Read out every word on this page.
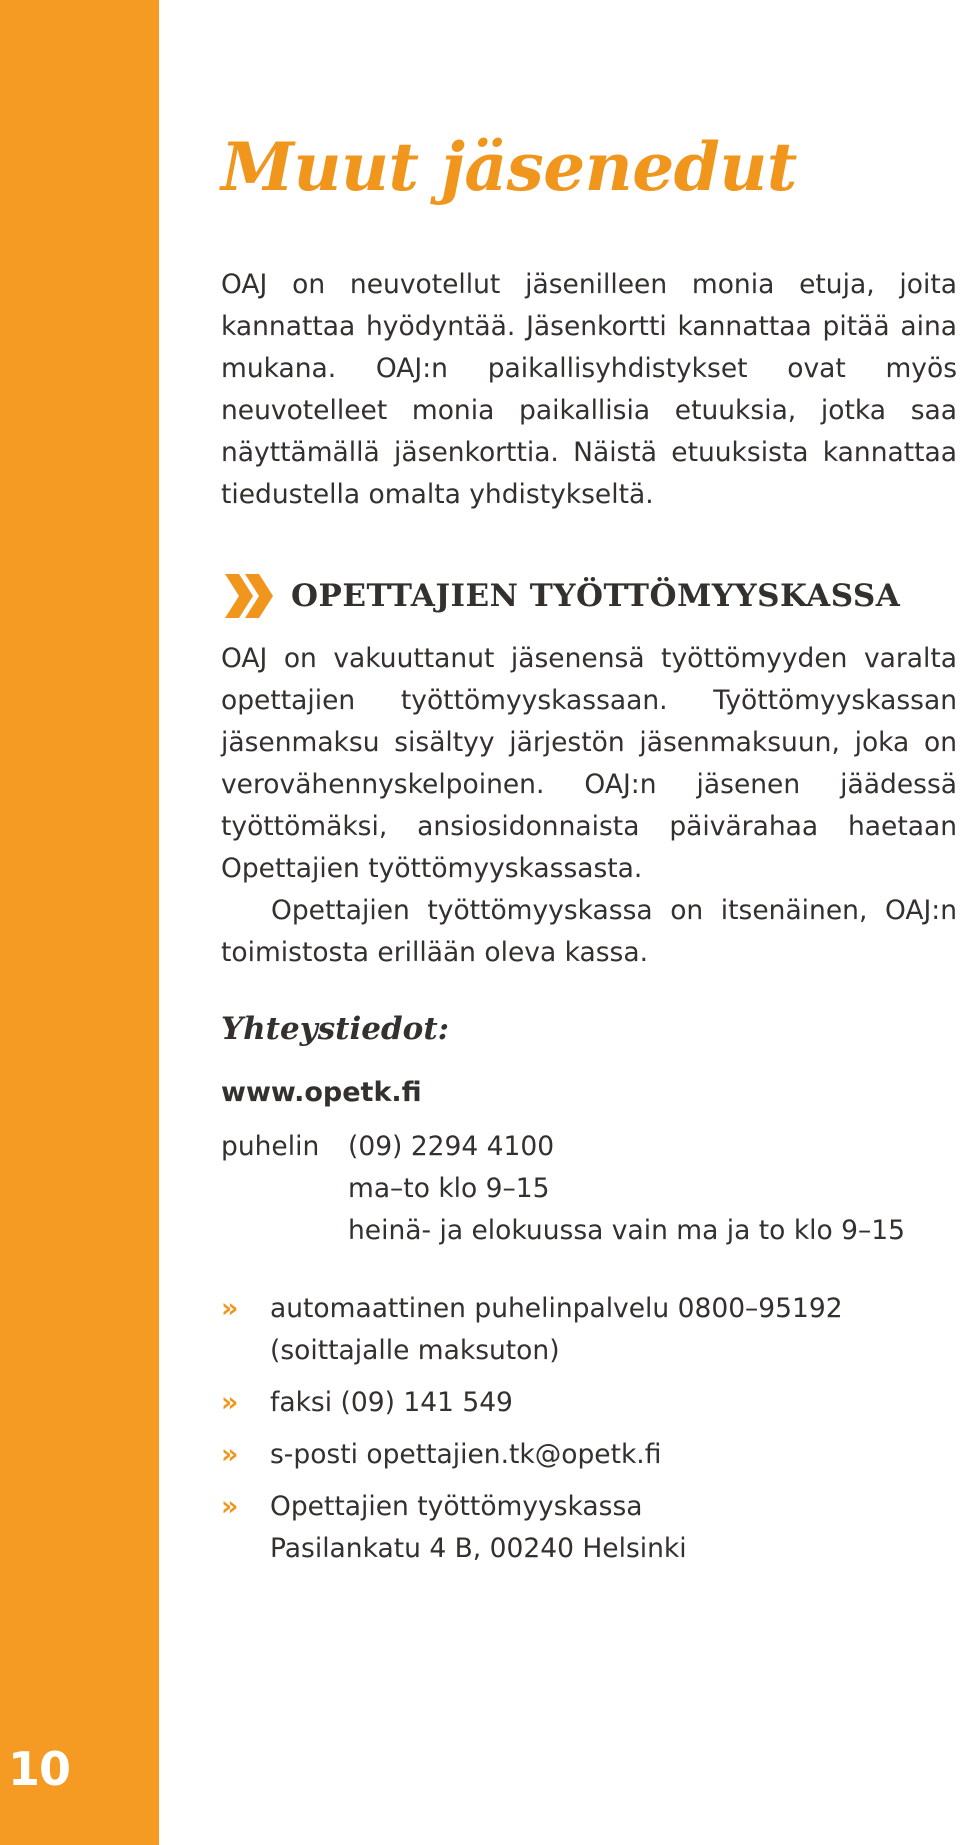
10
Muut jäsenedut

OAJ on neuvotellut jäsenilleen monia etuja, joita kannattaa hyödyntää. Jäsenkortti kannattaa pitää aina mukana. OAJ:n paikallisyhdistykset ovat myös neuvotelleet monia paikallisia etuuksia, jotka saa näyttämällä jäsenkorttia. Näistä etuuksista kannattaa tiedustella omalta yhdistykseltä.

OPETTAJIEN TYÖTTÖMYYSKASSA
OAJ on vakuuttanut jäsenensä työttömyyden varalta opettajien työttömyyskassaan. Työttömyyskassan jäsenmaksu sisältyy järjestön jäsenmaksuun, joka on verovähennyskelpoinen. OAJ:n jäsenen jäädessä työttömäksi, ansiosidonnaista päivärahaa haetaan Opettajien työttömyyskassasta.
Opettajien työttömyyskassa on itsenäinen, OAJ:n toimistosta erillään oleva kassa.
Yhteystiedot:
www.opetk.fi
puhelin	(09) 2294 4100
ma–to klo 9–15
heinä- ja elokuussa vain ma ja to klo 9–15
» automaattinen puhelinpalvelu 0800–95192
(soittajalle maksuton)
» faksi (09) 141 549
» s-posti opettajien.tk@opetk.fi
» Opettajien työttömyyskassa
Pasilankatu 4 B, 00240 Helsinki
